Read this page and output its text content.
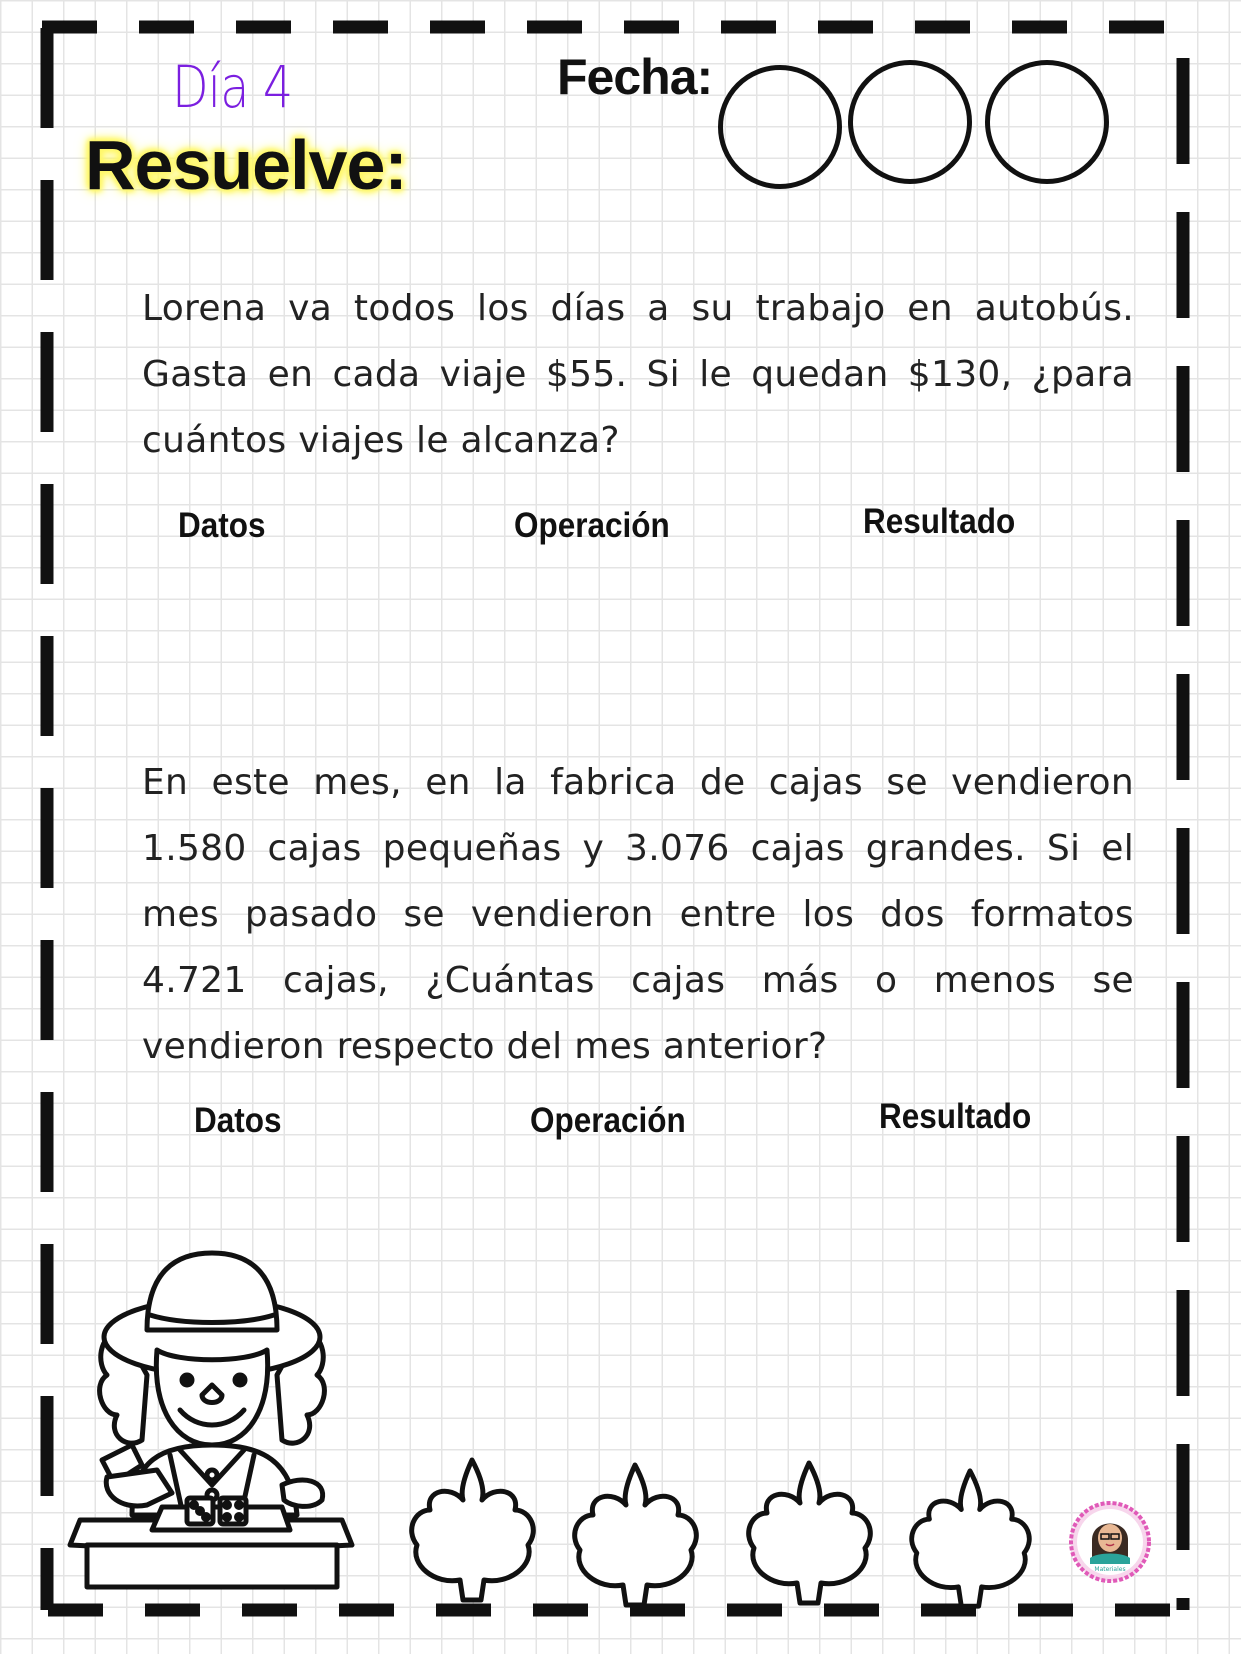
Día 4
Resuelve:
Fecha:

Lorena va todos los días a su trabajo en autobús. Gasta en cada viaje $55. Si le quedan $130, ¿para cuántos viajes le alcanza?

Datos	Operación	Resultado

En este mes, en la fabrica de cajas se vendieron 1.580 cajas pequeñas y 3.076 cajas grandes. Si el mes pasado se vendieron entre los dos formatos 4.721 cajas, ¿Cuántas cajas más o menos se vendieron respecto del mes anterior?

Datos	Operación	Resultado
Materiales
